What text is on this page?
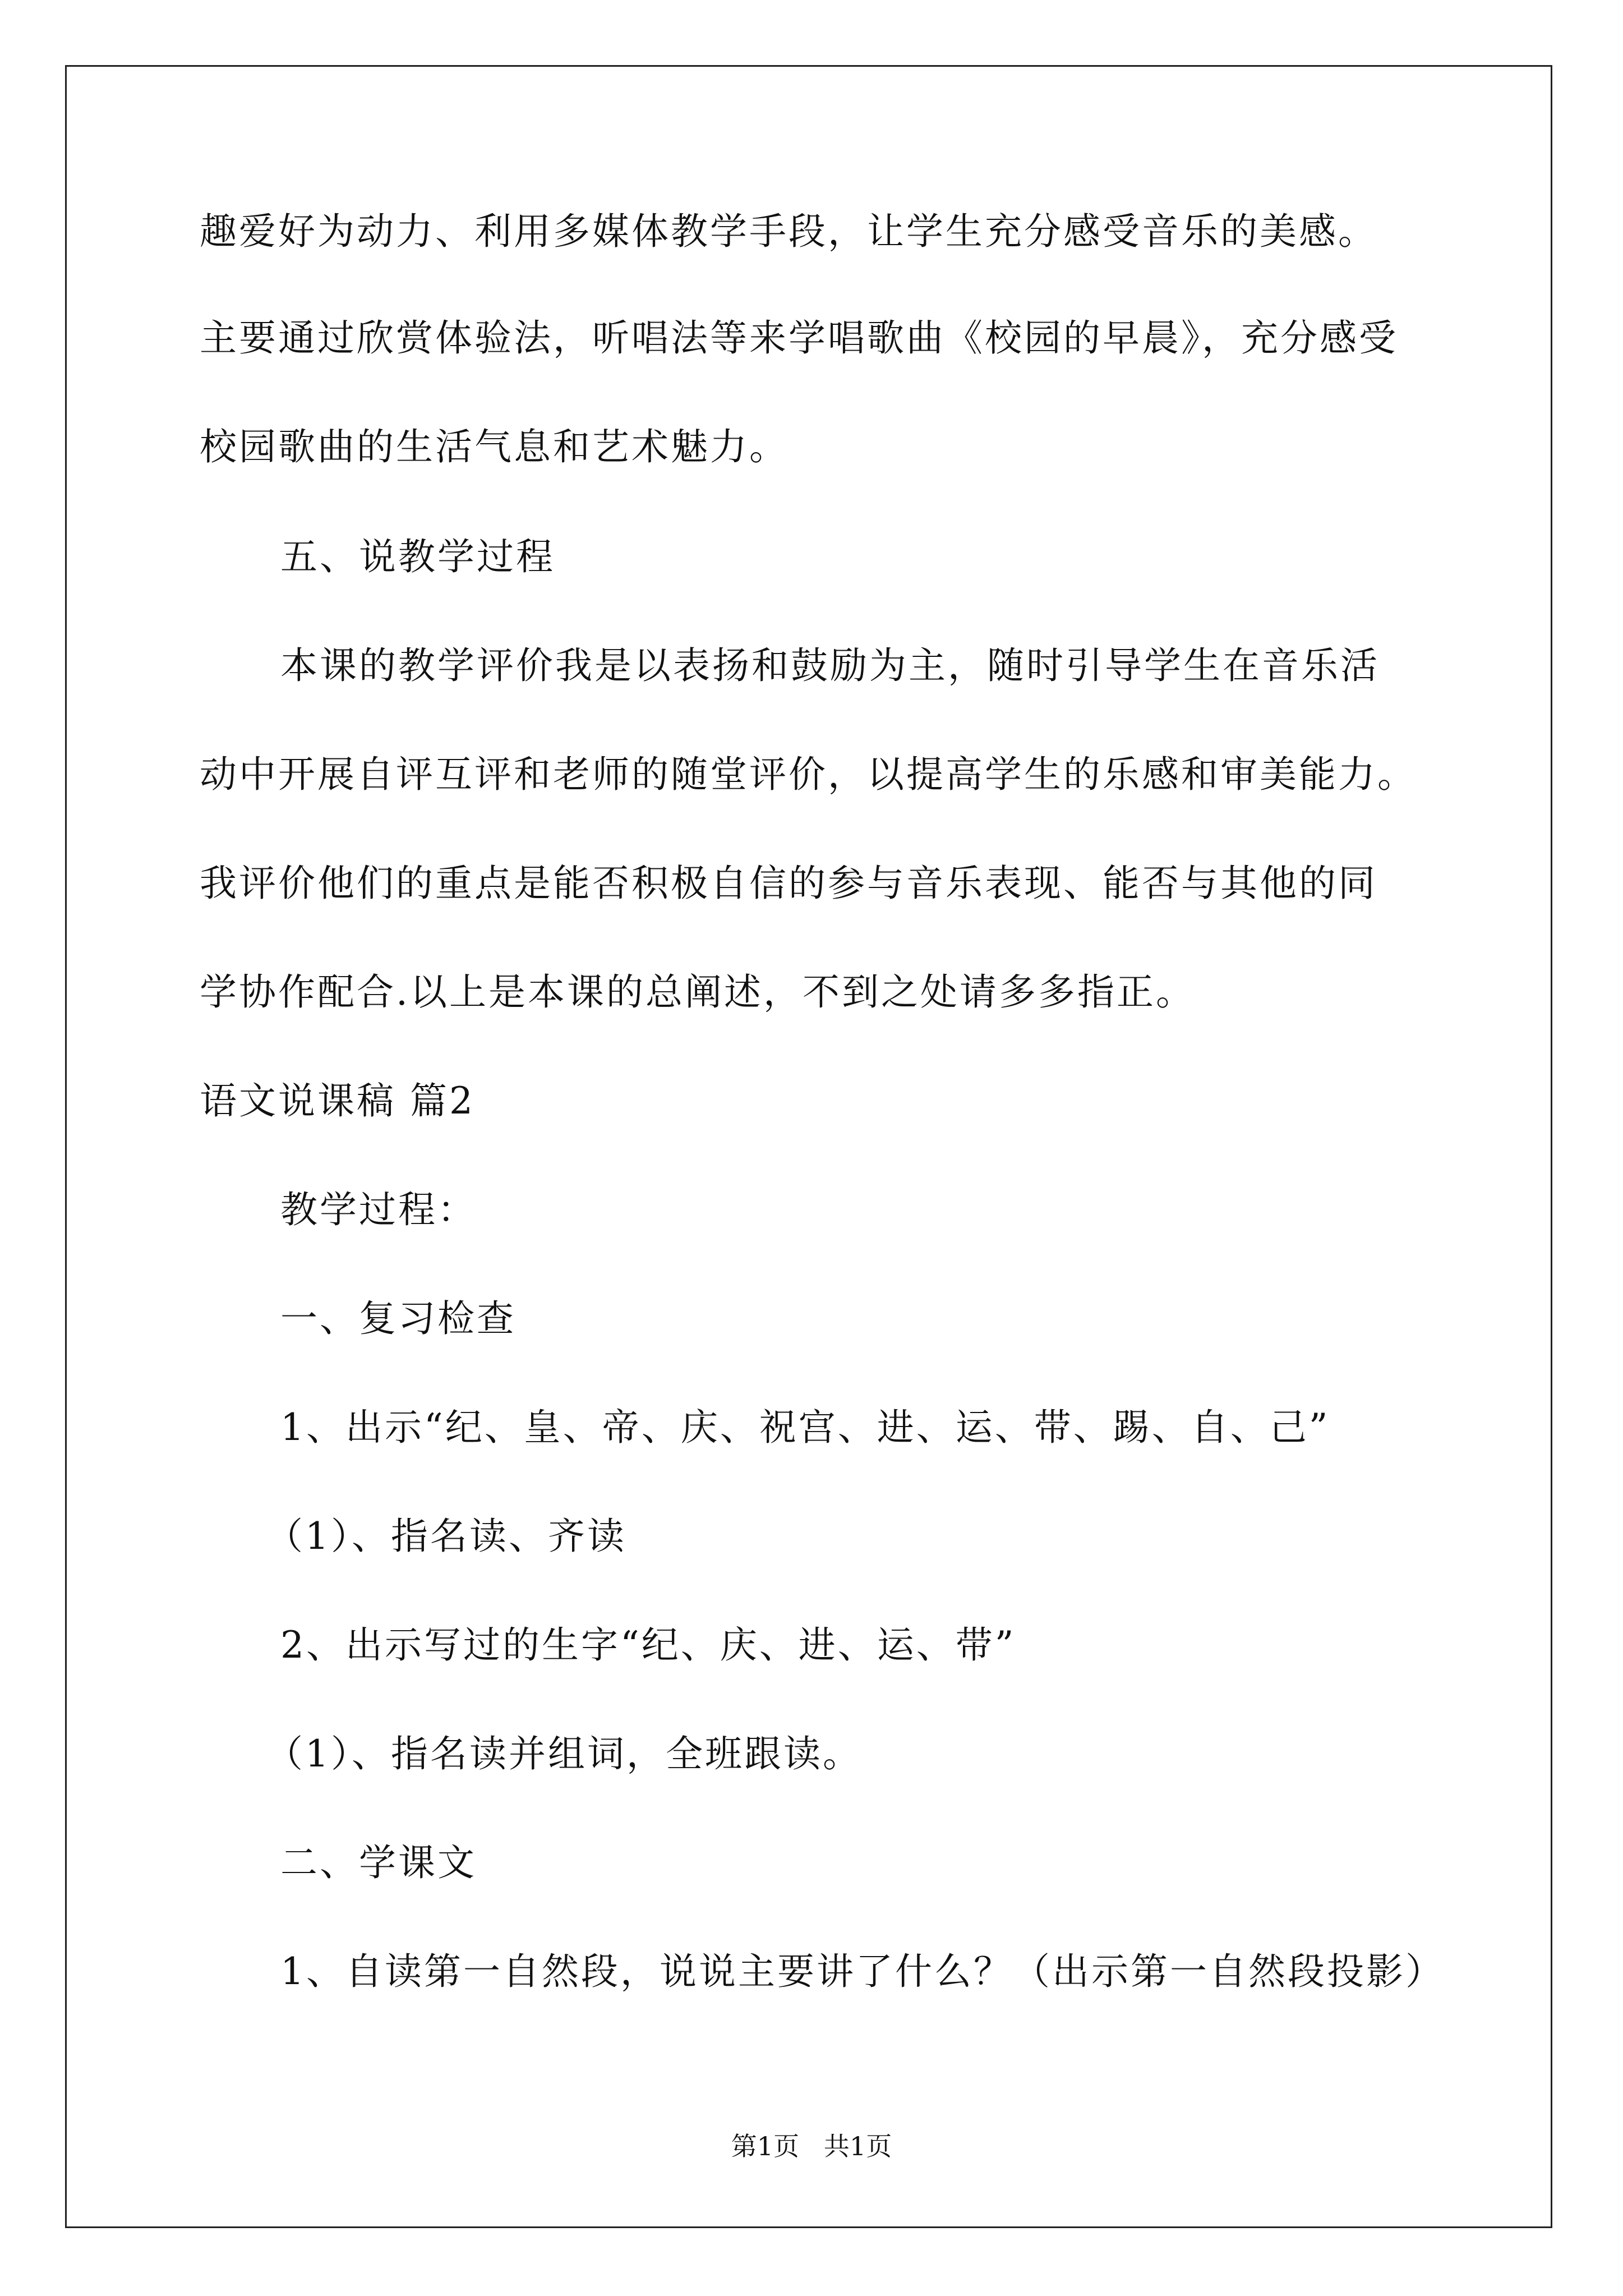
趣爱好为动力、利用多媒体教学手段，让学生充分感受音乐的美感。
主要通过欣赏体验法，听唱法等来学唱歌曲《校园的早晨》，充分感受
校园歌曲的生活气息和艺术魅力。
五、说教学过程
本课的教学评价我是以表扬和鼓励为主，随时引导学生在音乐活
动中开展自评互评和老师的随堂评价，以提高学生的乐感和审美能力。
我评价他们的重点是能否积极自信的参与音乐表现、能否与其他的同
学协作配合.以上是本课的总阐述，不到之处请多多指正。
语文说课稿 篇2
教学过程：
一、复习检查
1、出示“纪、皇、帝、庆、祝宫、进、运、带、踢、自、己”
（1）、指名读、齐读
2、出示写过的生字“纪、庆、进、运、带”
（1）、指名读并组词，全班跟读。
二、学课文
1、自读第一自然段，说说主要讲了什么？（出示第一自然段投影）
第1页   共1页
